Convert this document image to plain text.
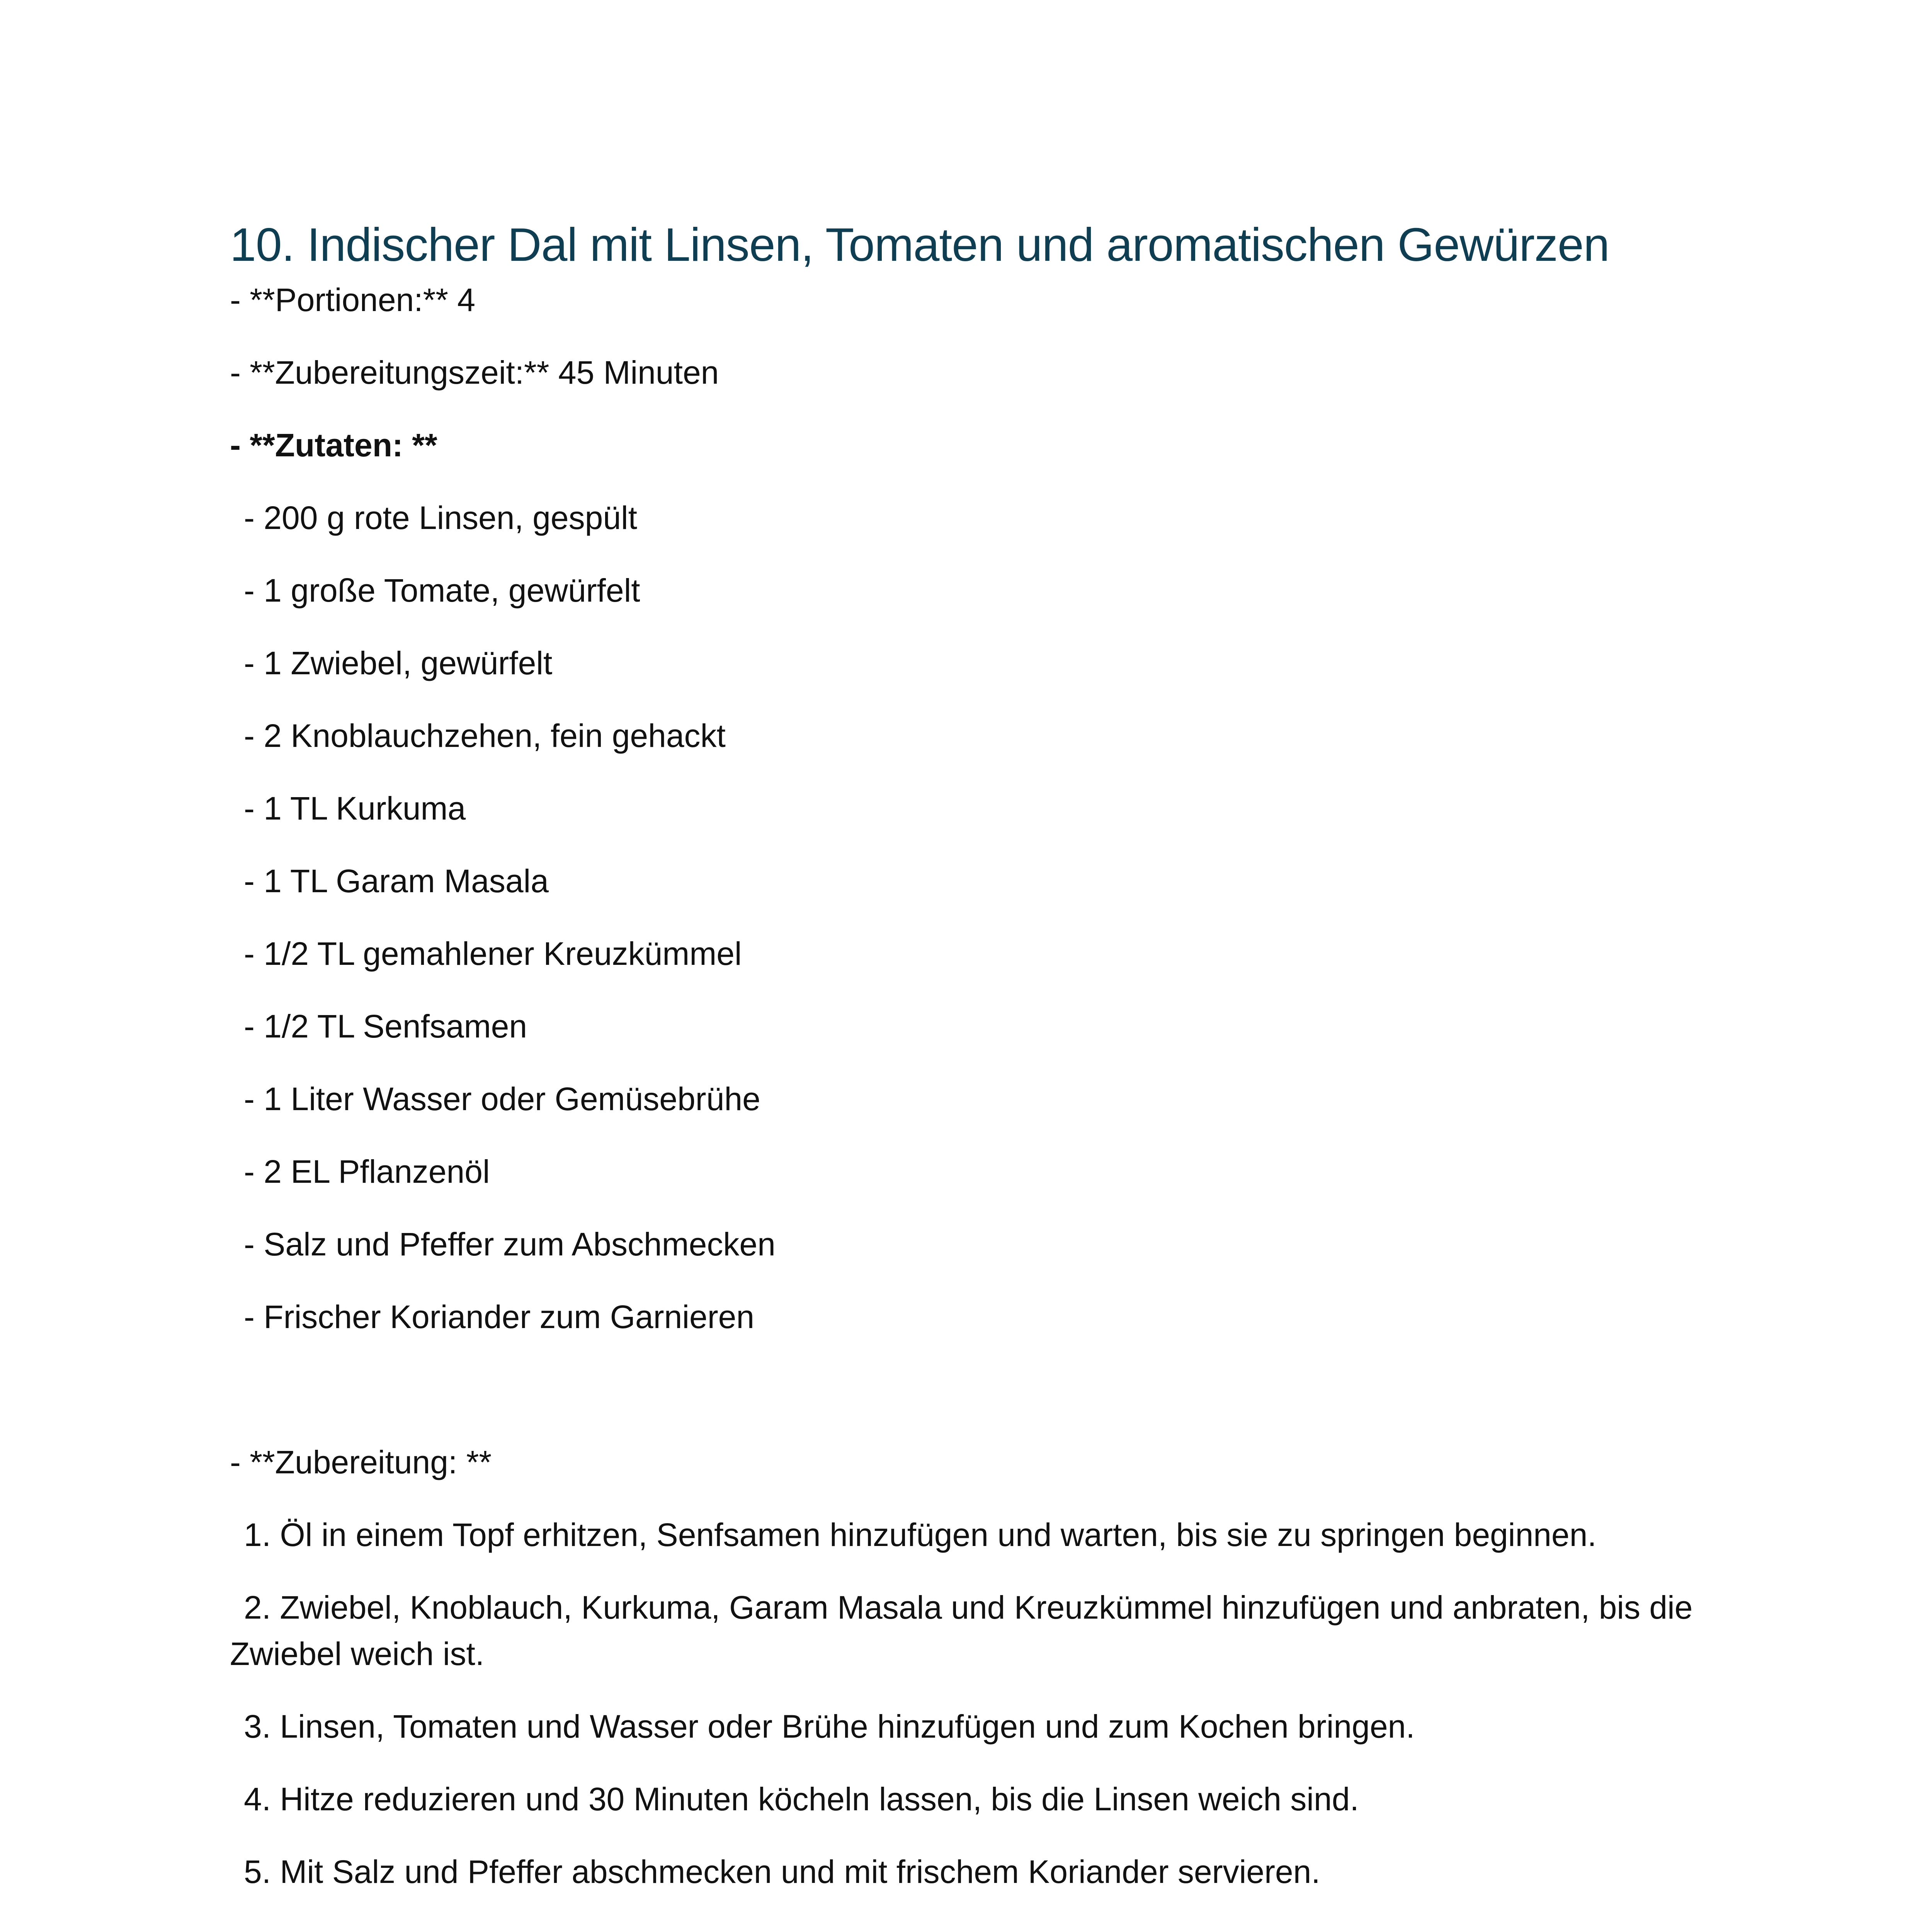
10. Indischer Dal mit Linsen, Tomaten und aromatischen Gewürzen
- **Portionen:** 4
- **Zubereitungszeit:** 45 Minuten
- **Zutaten: **
- 200 g rote Linsen, gespült
- 1 große Tomate, gewürfelt
- 1 Zwiebel, gewürfelt
- 2 Knoblauchzehen, fein gehackt
- 1 TL Kurkuma
- 1 TL Garam Masala
- 1/2 TL gemahlener Kreuzkümmel
- 1/2 TL Senfsamen
- 1 Liter Wasser oder Gemüsebrühe
- 2 EL Pflanzenöl
- Salz und Pfeffer zum Abschmecken
- Frischer Koriander zum Garnieren
- **Zubereitung: **
1. Öl in einem Topf erhitzen, Senfsamen hinzufügen und warten, bis sie zu springen beginnen.
2. Zwiebel, Knoblauch, Kurkuma, Garam Masala und Kreuzkümmel hinzufügen und anbraten, bis die Zwiebel weich ist.
3. Linsen, Tomaten und Wasser oder Brühe hinzufügen und zum Kochen bringen.
4. Hitze reduzieren und 30 Minuten köcheln lassen, bis die Linsen weich sind.
5. Mit Salz und Pfeffer abschmecken und mit frischem Koriander servieren.
